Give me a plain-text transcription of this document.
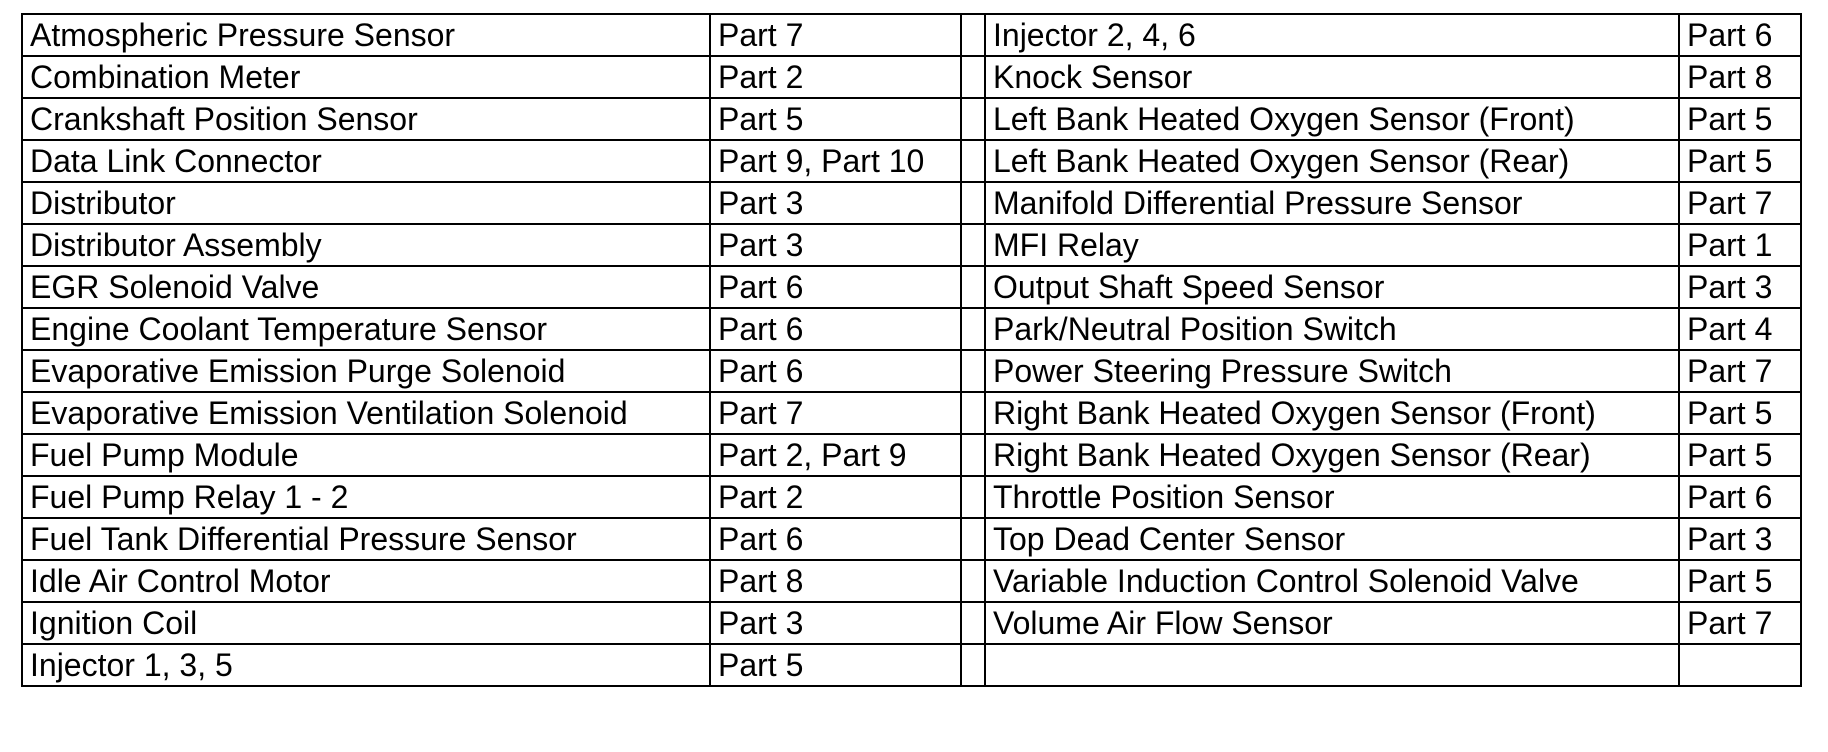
Atmospheric Pressure Sensor	Part 7		Injector 2, 4, 6	Part 6
Combination Meter	Part 2		Knock Sensor	Part 8
Crankshaft Position Sensor	Part 5		Left Bank Heated Oxygen Sensor (Front)	Part 5
Data Link Connector	Part 9, Part 10		Left Bank Heated Oxygen Sensor (Rear)	Part 5
Distributor	Part 3		Manifold Differential Pressure Sensor	Part 7
Distributor Assembly	Part 3		MFI Relay	Part 1
EGR Solenoid Valve	Part 6		Output Shaft Speed Sensor	Part 3
Engine Coolant Temperature Sensor	Part 6		Park/Neutral Position Switch	Part 4
Evaporative Emission Purge Solenoid	Part 6		Power Steering Pressure Switch	Part 7
Evaporative Emission Ventilation Solenoid	Part 7		Right Bank Heated Oxygen Sensor (Front)	Part 5
Fuel Pump Module	Part 2, Part 9		Right Bank Heated Oxygen Sensor (Rear)	Part 5
Fuel Pump Relay 1 - 2	Part 2		Throttle Position Sensor	Part 6
Fuel Tank Differential Pressure Sensor	Part 6		Top Dead Center Sensor	Part 3
Idle Air Control Motor	Part 8		Variable Induction Control Solenoid Valve	Part 5
Ignition Coil	Part 3		Volume Air Flow Sensor	Part 7
Injector 1, 3, 5	Part 5			
